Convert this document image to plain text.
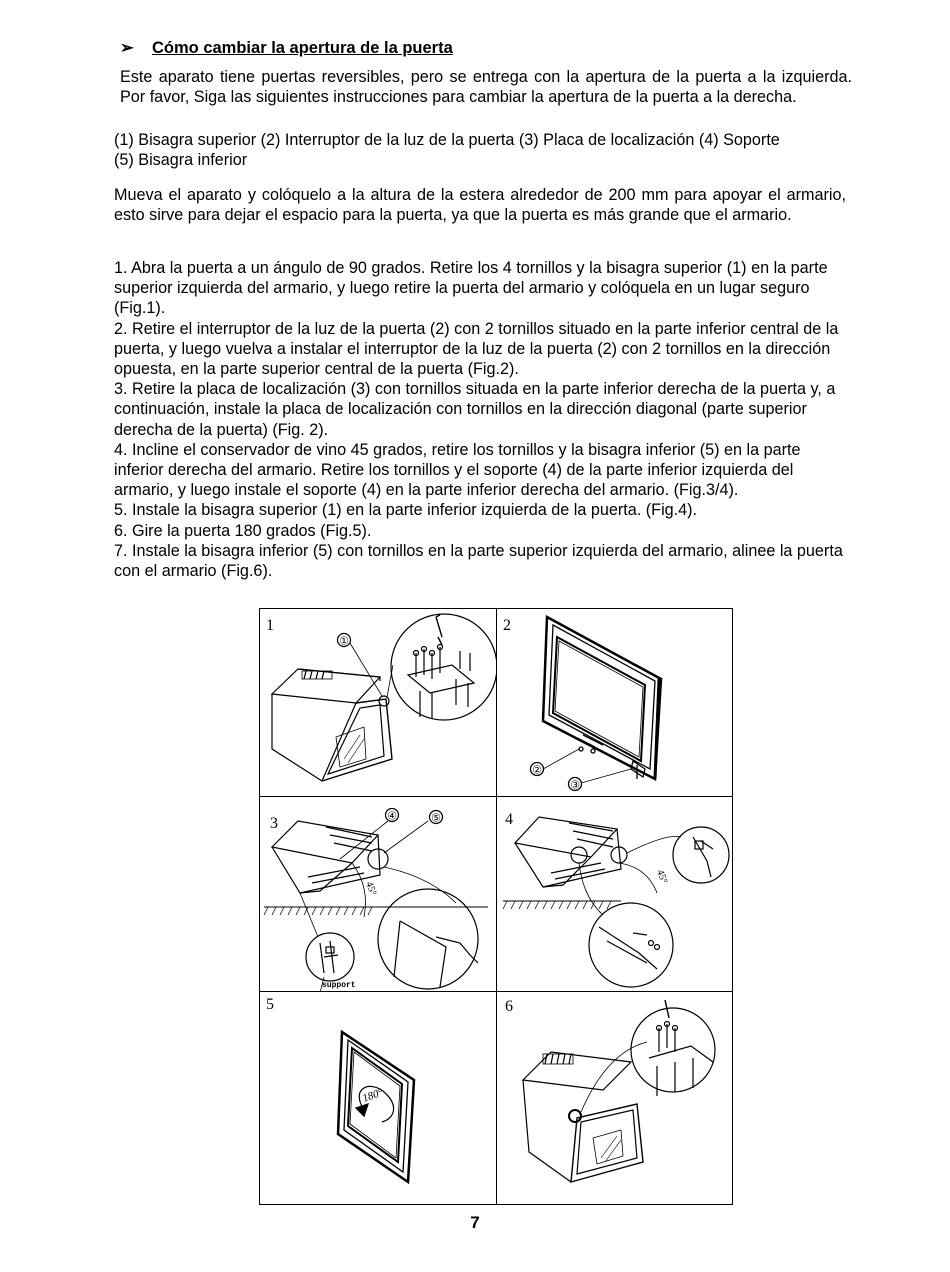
➢ Cómo cambiar la apertura de la puerta
Este aparato tiene puertas reversibles, pero se entrega con la apertura de la puerta a la izquierda. Por favor, Siga las siguientes instrucciones para cambiar la apertura de la puerta a la derecha.
(1) Bisagra superior (2) Interruptor de la luz de la puerta (3) Placa de localización (4) Soporte
(5) Bisagra inferior
Mueva el aparato y colóquelo a la altura de la estera alrededor de 200 mm para apoyar el armario, esto sirve para dejar el espacio para la puerta, ya que la puerta es más grande que el armario.
1. Abra la puerta a un ángulo de 90 grados. Retire los 4 tornillos y la bisagra superior (1) en la parte superior izquierda del armario, y luego retire la puerta del armario y colóquela en un lugar seguro (Fig.1).
2. Retire el interruptor de la luz de la puerta (2) con 2 tornillos situado en la parte inferior central de la puerta, y luego vuelva a instalar el interruptor de la luz de la puerta (2) con 2 tornillos en la dirección opuesta, en la parte superior central de la puerta (Fig.2).
3. Retire la placa de localización (3) con tornillos situada en la parte inferior derecha de la puerta y, a continuación, instale la placa de localización con tornillos en la dirección diagonal (parte superior derecha de la puerta) (Fig. 2).
4. Incline el conservador de vino 45 grados, retire los tornillos y la bisagra inferior (5) en la parte inferior derecha del armario. Retire los tornillos y el soporte (4) de la parte inferior izquierda del armario, y luego instale el soporte (4) en la parte inferior derecha del armario. (Fig.3/4).
5. Instale la bisagra superior (1) en la parte inferior izquierda de la puerta. (Fig.4).
6. Gire la puerta 180 grados (Fig.5).
7. Instale la bisagra inferior (5) con tornillos en la parte superior izquierda del armario, alinee la puerta con el armario (Fig.6).
1
①
2
②
③
3	④	⑤
45°
support
4
45°
5
180°
6
7
